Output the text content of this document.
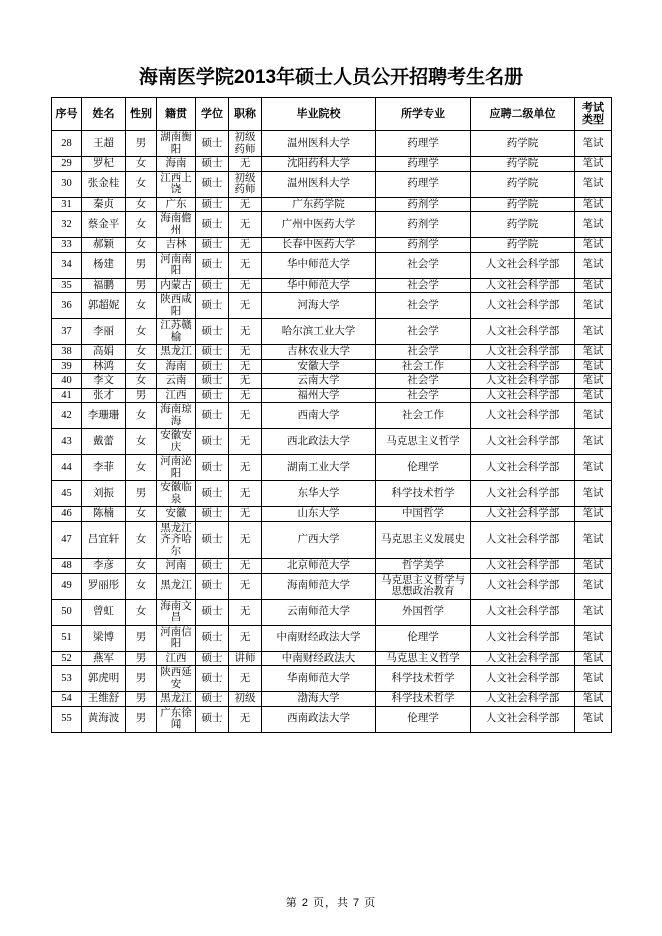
海南医学院2013年硕士人员公开招聘考生名册
序号	姓名	性别	籍贯	学位	职称	毕业院校	所学专业	应聘二级单位	考试
类型
28	王超	男	湖南衡阳	硕士	初级药师	温州医科大学	药理学	药学院	笔试
29	罗杞	女	海南	硕士	无	沈阳药科大学	药理学	药学院	笔试
30	张金桂	女	江西上饶	硕士	初级药师	温州医科大学	药理学	药学院	笔试
31	秦贞	女	广东	硕士	无	广东药学院	药剂学	药学院	笔试
32	蔡金平	女	海南儋州	硕士	无	广州中医药大学	药剂学	药学院	笔试
33	郝颖	女	吉林	硕士	无	长春中医药大学	药剂学	药学院	笔试
34	杨建	男	河南南阳	硕士	无	华中师范大学	社会学	人文社会科学部	笔试
35	福鹏	男	内蒙古	硕士	无	华中师范大学	社会学	人文社会科学部	笔试
36	郭超妮	女	陕西咸阳	硕士	无	河海大学	社会学	人文社会科学部	笔试
37	李丽	女	江苏赣榆	硕士	无	哈尔滨工业大学	社会学	人文社会科学部	笔试
38	高娟	女	黑龙江	硕士	无	吉林农业大学	社会学	人文社会科学部	笔试
39	林鸿	女	海南	硕士	无	安徽大学	社会工作	人文社会科学部	笔试
40	李文	女	云南	硕士	无	云南大学	社会学	人文社会科学部	笔试
41	张才	男	江西	硕士	无	福州大学	社会学	人文社会科学部	笔试
42	李珊珊	女	海南琼海	硕士	无	西南大学	社会工作	人文社会科学部	笔试
43	戴蕾	女	安徽安庆	硕士	无	西北政法大学	马克思主义哲学	人文社会科学部	笔试
44	李菲	女	河南泌阳	硕士	无	湖南工业大学	伦理学	人文社会科学部	笔试
45	刘振	男	安徽临泉	硕士	无	东华大学	科学技术哲学	人文社会科学部	笔试
46	陈楠	女	安徽	硕士	无	山东大学	中国哲学	人文社会科学部	笔试
47	吕宜轩	女	黑龙江齐齐哈尔	硕士	无	广西大学	马克思主义发展史	人文社会科学部	笔试
48	李彦	女	河南	硕士	无	北京师范大学	哲学美学	人文社会科学部	笔试
49	罗丽彤	女	黑龙江	硕士	无	海南师范大学	马克思主义哲学与思想政治教育	人文社会科学部	笔试
50	曾虹	女	海南文昌	硕士	无	云南师范大学	外国哲学	人文社会科学部	笔试
51	梁博	男	河南信阳	硕士	无	中南财经政法大学	伦理学	人文社会科学部	笔试
52	燕军	男	江西	硕士	讲师	中南财经政法大	马克思主义哲学	人文社会科学部	笔试
53	郭虎明	男	陕西延安	硕士	无	华南师范大学	科学技术哲学	人文社会科学部	笔试
54	王维舒	男	黑龙江	硕士	初级	渤海大学	科学技术哲学	人文社会科学部	笔试
55	黄海波	男	广东徐闻	硕士	无	西南政法大学	伦理学	人文社会科学部	笔试
第 2 页，共 7 页
